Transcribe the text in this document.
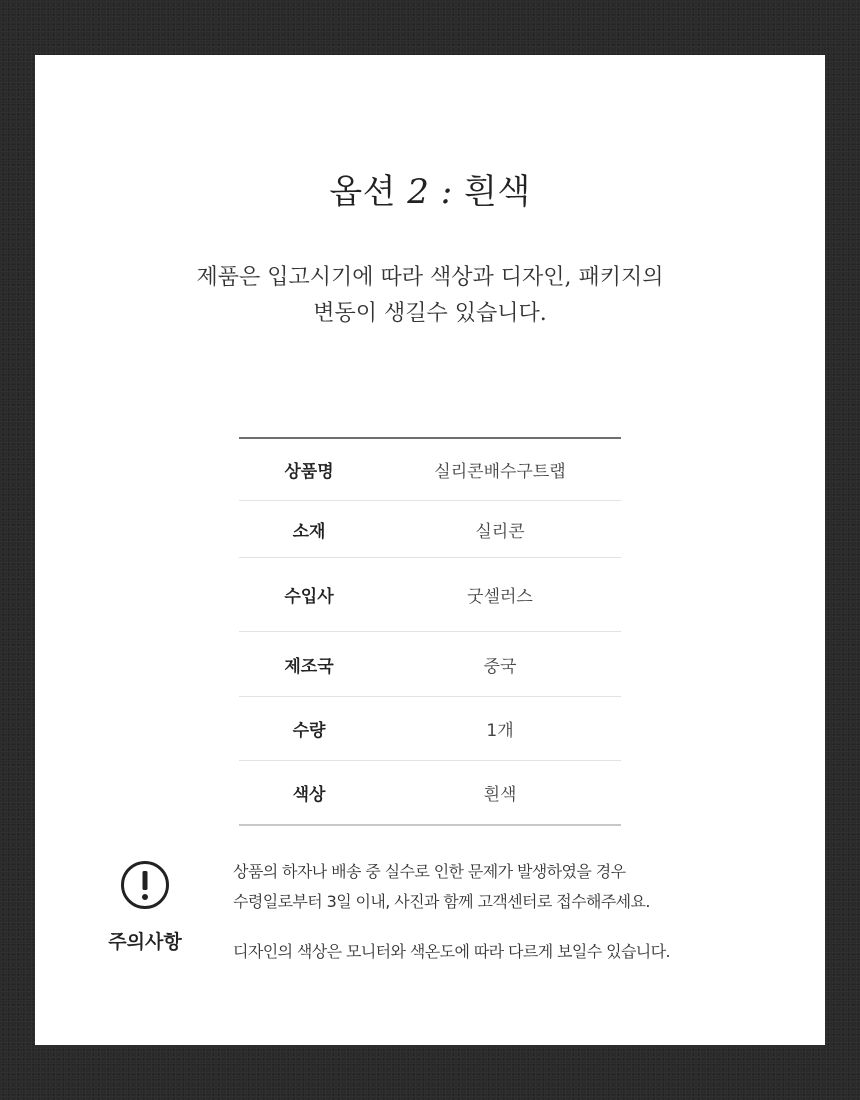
옵션 2 : 흰색
제품은 입고시기에 따라 색상과 디자인, 패키지의
변동이 생길수 있습니다.
상품명	실리콘배수구트랩
소재	실리콘
수입사	굿셀러스
제조국	중국
수량	1개
색상	흰색
주의사항
상품의 하자나 배송 중 실수로 인한 문제가 발생하였을 경우
수령일로부터 3일 이내, 사진과 함께 고객센터로 접수해주세요.
디자인의 색상은 모니터와 색온도에 따라 다르게 보일수 있습니다.
